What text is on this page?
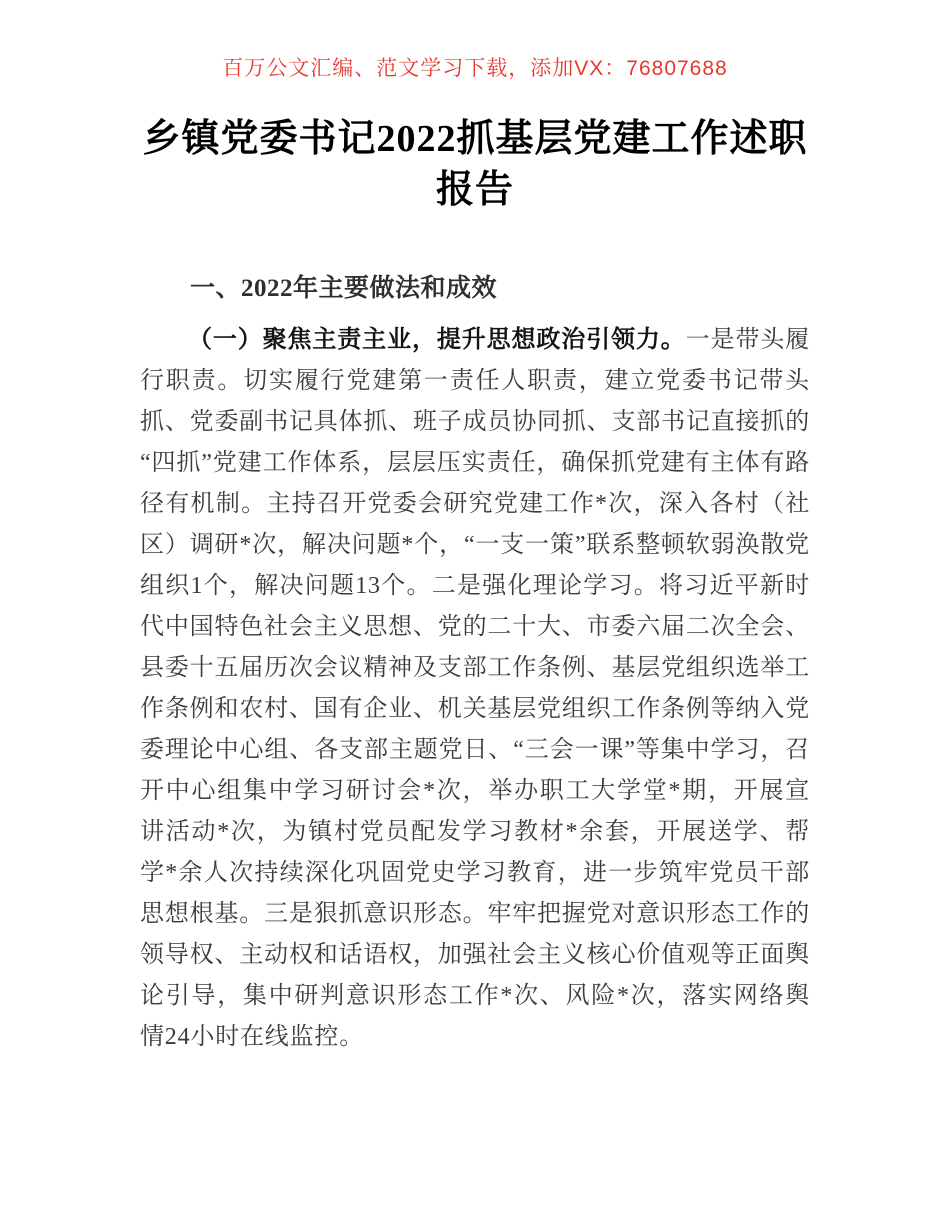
百万公文汇编、范文学习下载，添加VX：76807688
乡镇党委书记2022抓基层党建工作述职报告
一、2022年主要做法和成效

（一）聚焦主责主业，提升思想政治引领力。一是带头履行职责。切实履行党建第一责任人职责，建立党委书记带头抓、党委副书记具体抓、班子成员协同抓、支部书记直接抓的“四抓”党建工作体系，层层压实责任，确保抓党建有主体有路径有机制。主持召开党委会研究党建工作*次，深入各村（社区）调研*次，解决问题*个，“一支一策”联系整顿软弱涣散党组织1个，解决问题13个。二是强化理论学习。将习近平新时代中国特色社会主义思想、党的二十大、市委六届二次全会、县委十五届历次会议精神及支部工作条例、基层党组织选举工作条例和农村、国有企业、机关基层党组织工作条例等纳入党委理论中心组、各支部主题党日、“三会一课”等集中学习，召开中心组集中学习研讨会*次，举办职工大学堂*期，开展宣讲活动*次，为镇村党员配发学习教材*余套，开展送学、帮学*余人次持续深化巩固党史学习教育，进一步筑牢党员干部思想根基。三是狠抓意识形态。牢牢把握党对意识形态工作的领导权、主动权和话语权，加强社会主义核心价值观等正面舆论引导，集中研判意识形态工作*次、风险*次，落实网络舆情24小时在线监控。
